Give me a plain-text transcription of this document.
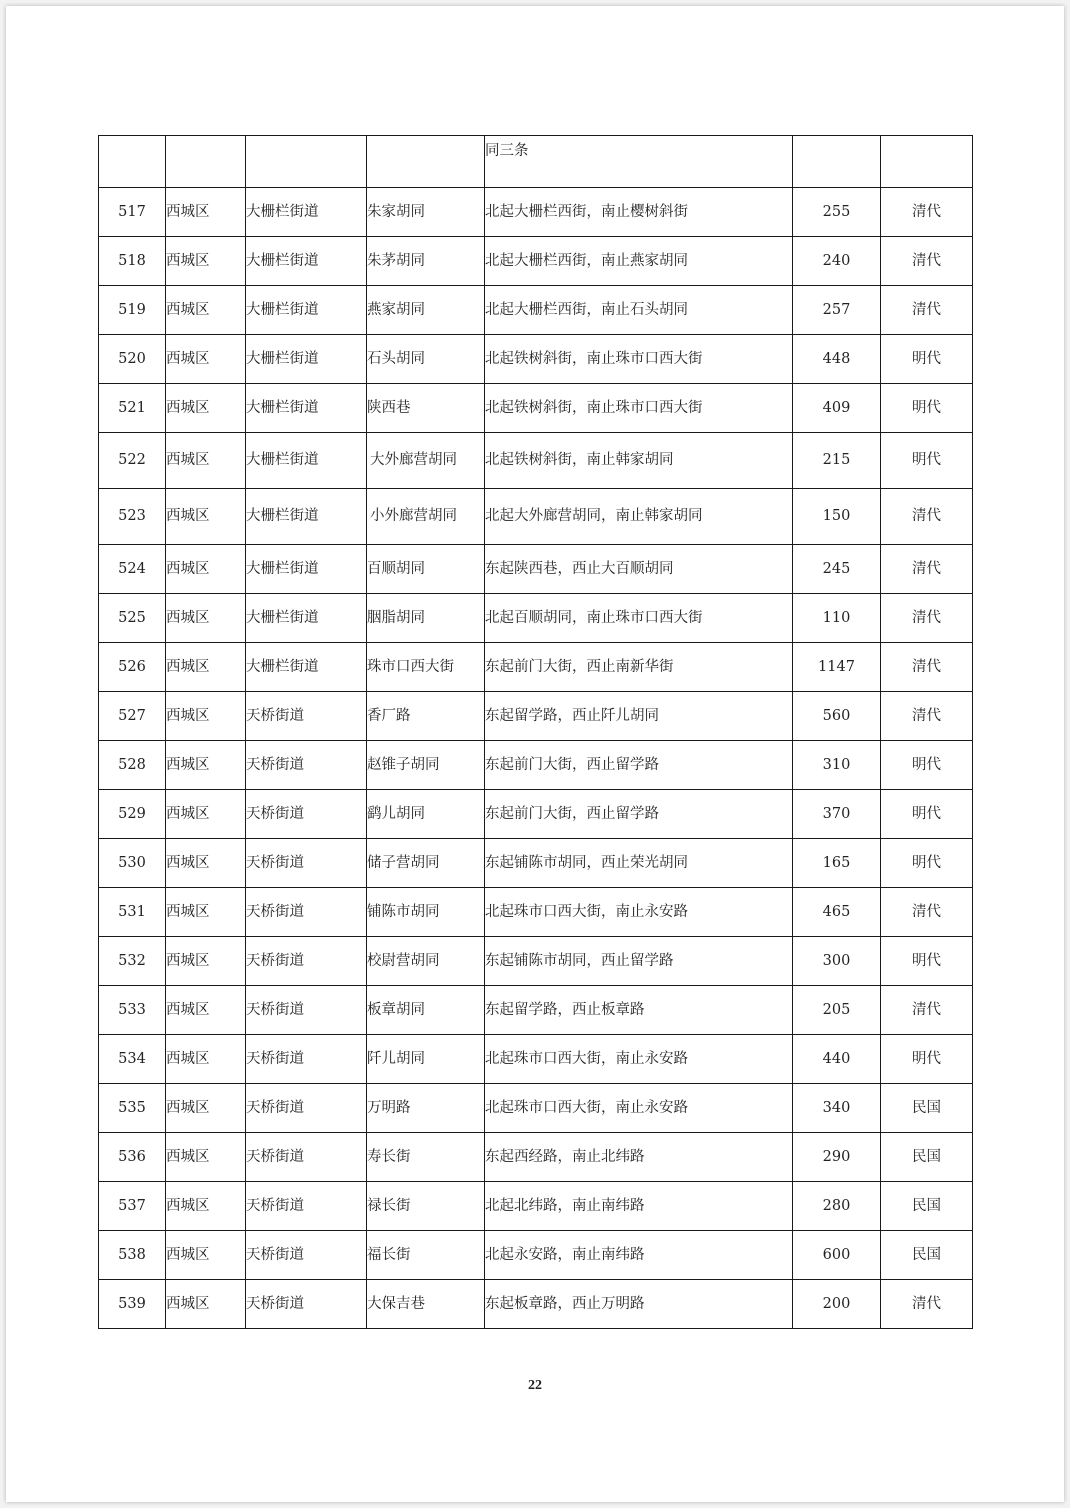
				同三条		
517	西城区	大栅栏街道	朱家胡同	北起大栅栏西街，南止樱树斜街	255	清代
518	西城区	大栅栏街道	朱茅胡同	北起大栅栏西街，南止燕家胡同	240	清代
519	西城区	大栅栏街道	燕家胡同	北起大栅栏西街，南止石头胡同	257	清代
520	西城区	大栅栏街道	石头胡同	北起铁树斜街，南止珠市口西大街	448	明代
521	西城区	大栅栏街道	陕西巷	北起铁树斜街，南止珠市口西大街	409	明代
522	西城区	大栅栏街道	大外廊营胡同	北起铁树斜街，南止韩家胡同	215	明代
523	西城区	大栅栏街道	小外廊营胡同	北起大外廊营胡同，南止韩家胡同	150	清代
524	西城区	大栅栏街道	百顺胡同	东起陕西巷，西止大百顺胡同	245	清代
525	西城区	大栅栏街道	胭脂胡同	北起百顺胡同，南止珠市口西大街	110	清代
526	西城区	大栅栏街道	珠市口西大街	东起前门大街，西止南新华街	1147	清代
527	西城区	天桥街道	香厂路	东起留学路，西止阡儿胡同	560	清代
528	西城区	天桥街道	赵锥子胡同	东起前门大街，西止留学路	310	明代
529	西城区	天桥街道	鹞儿胡同	东起前门大街，西止留学路	370	明代
530	西城区	天桥街道	储子营胡同	东起铺陈市胡同，西止荣光胡同	165	明代
531	西城区	天桥街道	铺陈市胡同	北起珠市口西大街，南止永安路	465	清代
532	西城区	天桥街道	校尉营胡同	东起铺陈市胡同，西止留学路	300	明代
533	西城区	天桥街道	板章胡同	东起留学路，西止板章路	205	清代
534	西城区	天桥街道	阡儿胡同	北起珠市口西大街，南止永安路	440	明代
535	西城区	天桥街道	万明路	北起珠市口西大街，南止永安路	340	民国
536	西城区	天桥街道	寿长街	东起西经路，南止北纬路	290	民国
537	西城区	天桥街道	禄长街	北起北纬路，南止南纬路	280	民国
538	西城区	天桥街道	福长街	北起永安路，南止南纬路	600	民国
539	西城区	天桥街道	大保吉巷	东起板章路，西止万明路	200	清代
22
